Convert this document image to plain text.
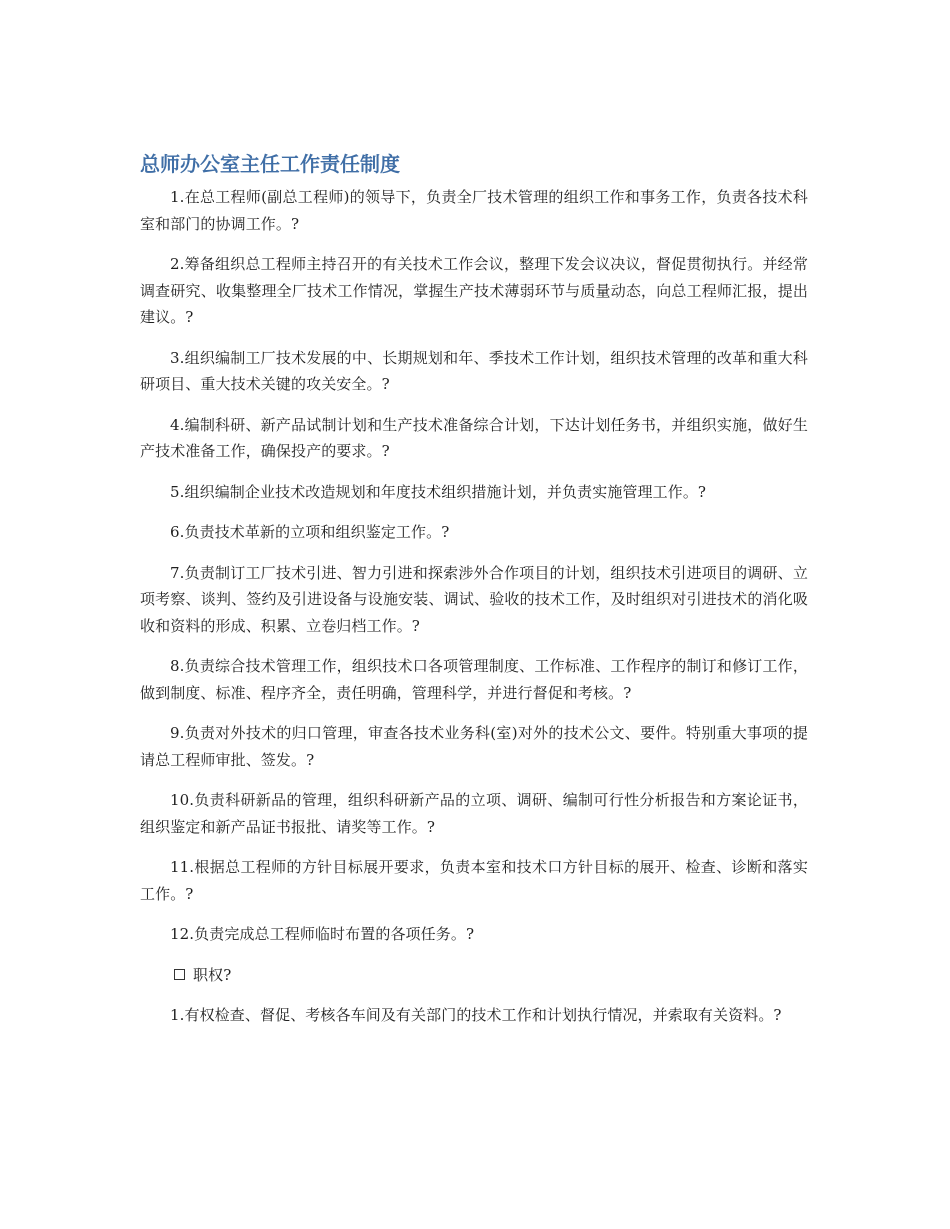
总师办公室主任工作责任制度

1.在总工程师(副总工程师)的领导下，负责全厂技术管理的组织工作和事务工作，负责各技术科室和部门的协调工作。?

2.筹备组织总工程师主持召开的有关技术工作会议，整理下发会议决议，督促贯彻执行。并经常调查研究、收集整理全厂技术工作情况，掌握生产技术薄弱环节与质量动态，向总工程师汇报，提出建议。?

3.组织编制工厂技术发展的中、长期规划和年、季技术工作计划，组织技术管理的改革和重大科研项目、重大技术关键的攻关安全。?

4.编制科研、新产品试制计划和生产技术准备综合计划，下达计划任务书，并组织实施，做好生产技术准备工作，确保投产的要求。?

5.组织编制企业技术改造规划和年度技术组织措施计划，并负责实施管理工作。?

6.负责技术革新的立项和组织鉴定工作。?

7.负责制订工厂技术引进、智力引进和探索涉外合作项目的计划，组织技术引进项目的调研、立项考察、谈判、签约及引进设备与设施安装、调试、验收的技术工作，及时组织对引进技术的消化吸收和资料的形成、积累、立卷归档工作。?

8.负责综合技术管理工作，组织技术口各项管理制度、工作标准、工作程序的制订和修订工作，做到制度、标准、程序齐全，责任明确，管理科学，并进行督促和考核。?

9.负责对外技术的归口管理，审查各技术业务科(室)对外的技术公文、要件。特别重大事项的提请总工程师审批、签发。?

10.负责科研新品的管理，组织科研新产品的立项、调研、编制可行性分析报告和方案论证书，组织鉴定和新产品证书报批、请奖等工作。?

11.根据总工程师的方针目标展开要求，负责本室和技术口方针目标的展开、检查、诊断和落实工作。?

12.负责完成总工程师临时布置的各项任务。?

职权?

1.有权检查、督促、考核各车间及有关部门的技术工作和计划执行情况，并索取有关资料。?
